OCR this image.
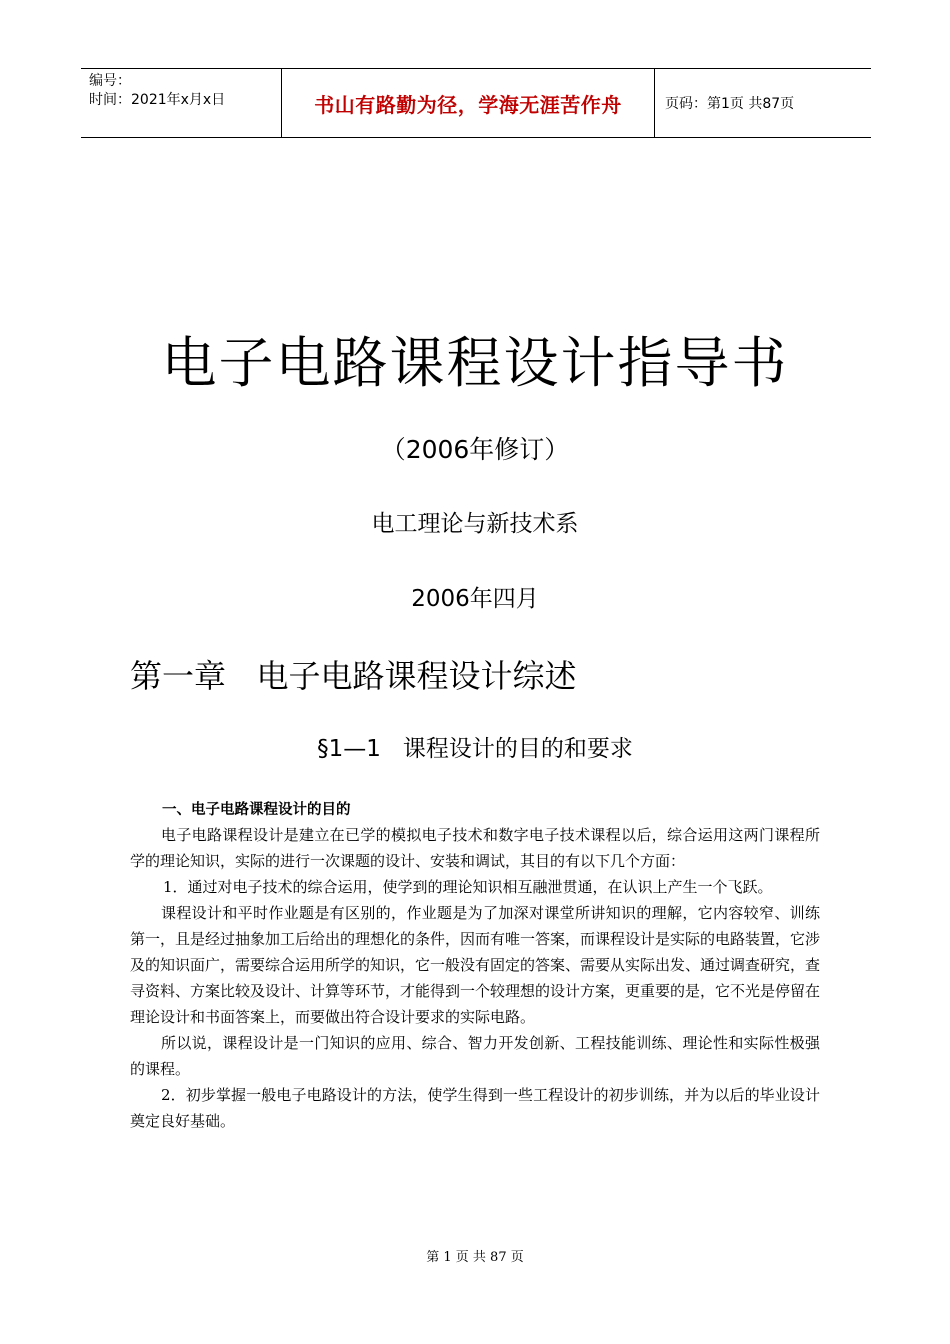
编号：
时间：2021年x月x日	书山有路勤为径，学海无涯苦作舟	页码：第1页 共87页
电子电路课程设计指导书
（2006年修订）
电工理论与新技术系
2006年四月
第一章   电子电路课程设计综述
§1—1   课程设计的目的和要求
一、电子电路课程设计的目的

电子电路课程设计是建立在已学的模拟电子技术和数字电子技术课程以后，综合运用这两门课程所学的理论知识，实际的进行一次课题的设计、安装和调试，其目的有以下几个方面：

1．通过对电子技术的综合运用，使学到的理论知识相互融泄贯通，在认识上产生一个飞跃。

课程设计和平时作业题是有区别的，作业题是为了加深对课堂所讲知识的理解，它内容较窄、训练第一，且是经过抽象加工后给出的理想化的条件，因而有唯一答案，而课程设计是实际的电路装置，它涉及的知识面广，需要综合运用所学的知识，它一般没有固定的答案、需要从实际出发、通过调查研究，查寻资料、方案比较及设计、计算等环节，才能得到一个较理想的设计方案，更重要的是，它不光是停留在理论设计和书面答案上，而要做出符合设计要求的实际电路。

所以说，课程设计是一门知识的应用、综合、智力开发创新、工程技能训练、理论性和实际性极强的课程。

2．初步掌握一般电子电路设计的方法，使学生得到一些工程设计的初步训练，并为以后的毕业设计奠定良好基础。

第 1 页 共 87 页
